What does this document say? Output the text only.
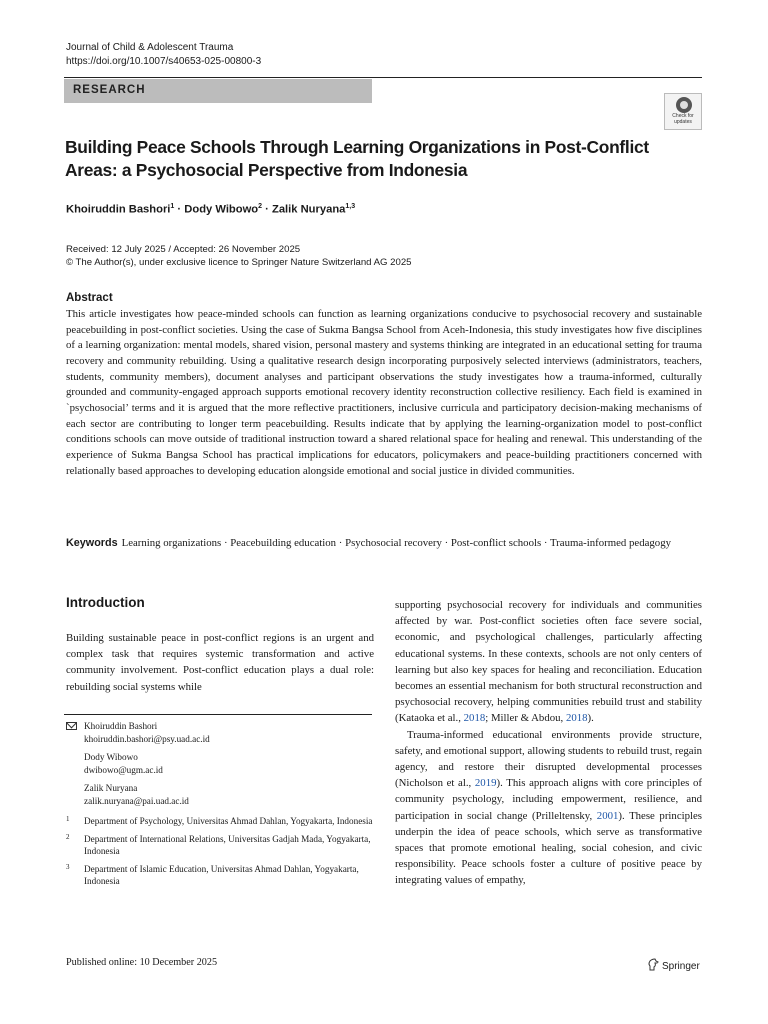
Journal of Child & Adolescent Trauma
https://doi.org/10.1007/s40653-025-00800-3
RESEARCH
Check for
updates
Building Peace Schools Through Learning Organizations in Post-Conflict Areas: a Psychosocial Perspective from Indonesia
Khoiruddin Bashori$^1$ · Dody Wibowo$^2$ · Zalik Nuryana$^{1,3}$
Received: 12 July 2025 / Accepted: 26 November 2025
© The Author(s), under exclusive licence to Springer Nature Switzerland AG 2025
Abstract
This article investigates how peace-minded schools can function as learning organizations conducive to psychosocial recovery and sustainable peacebuilding in post-conflict societies. Using the case of Sukma Bangsa School from Aceh-Indonesia, this study investigates how five disciplines of a learning organization: mental models, shared vision, personal mastery and systems thinking are integrated in an educational setting for trauma recovery and community rebuilding. Using a qualitative research design incorporating purposively selected interviews (administrators, teachers, students, community members), document analyses and participant observations the study investigates how a trauma-informed, culturally grounded and community-engaged approach supports emotional recovery identity reconstruction collective resiliency. Each field is examined in `psychosocial’ terms and it is argued that the more reflective practitioners, inclusive curricula and participatory decision-making mechanisms of each sector are contributing to longer term peacebuilding. Results indicate that by applying the learning-organization model to post-conflict conditions schools can move outside of traditional instruction toward a shared relational space for healing and renewal. This understanding of the experience of Sukma Bangsa School has practical implications for educators, policymakers and peace-building practitioners concerned with relationally based approaches to developing education alongside emotional and social justice in divided communities.
Keywords Learning organizations · Peacebuilding education · Psychosocial recovery · Post-conflict schools · Trauma-informed pedagogy
Introduction
Building sustainable peace in post-conflict regions is an urgent and complex task that requires systemic transformation and active community involvement. Post-conflict education plays a dual role: rebuilding social systems while
Khoiruddin Bashori
khoiruddin.bashori@psy.uad.ac.id
Dody Wibowo
dwibowo@ugm.ac.id
Zalik Nuryana
zalik.nuryana@pai.uad.ac.id
1 Department of Psychology, Universitas Ahmad Dahlan, Yogyakarta, Indonesia
2 Department of International Relations, Universitas Gadjah Mada, Yogyakarta, Indonesia
3 Department of Islamic Education, Universitas Ahmad Dahlan, Yogyakarta, Indonesia

supporting psychosocial recovery for individuals and communities affected by war. Post-conflict societies often face severe social, economic, and psychological challenges, particularly affecting educational systems. In these contexts, schools are not only centers of learning but also key spaces for healing and reconciliation. Education becomes an essential mechanism for both structural reconstruction and psychosocial recovery, helping communities rebuild trust and stability (Kataoka et al., 2018; Miller & Abdou, 2018).

Trauma-informed educational environments provide structure, safety, and emotional support, allowing students to rebuild trust, regain agency, and restore their disrupted developmental processes (Nicholson et al., 2019). This approach aligns with core principles of community psychology, including empowerment, resilience, and participation in social change (Prilleltensky, 2001). These principles underpin the idea of peace schools, which serve as transformative spaces that promote emotional healing, social cohesion, and civic responsibility. Peace schools foster a culture of positive peace by integrating values of empathy,

Published online: 10 December 2025	Springer
